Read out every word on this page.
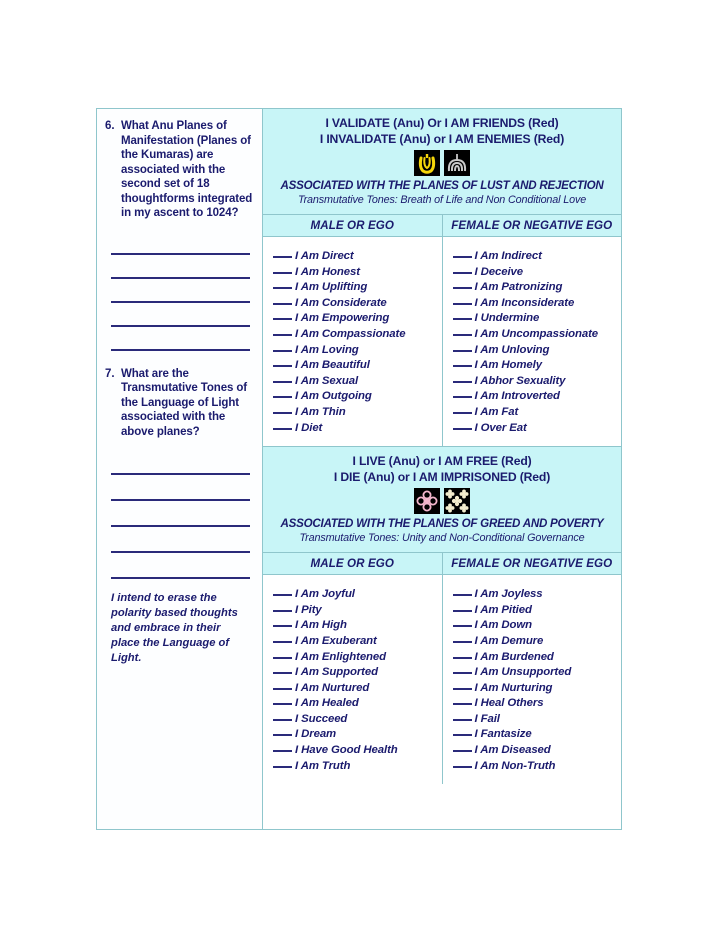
6. What Anu Planes of Manifestation (Planes of the Kumaras) are associated with the second set of 18 thoughtforms integrated in my ascent to 1024?
7. What are the Transmutative Tones of the Language of Light associated with the above planes?
I intend to erase the polarity based thoughts and embrace in their place the Language of Light.
I VALIDATE (Anu) Or I AM FRIENDS (Red)
I INVALIDATE (Anu) or I AM ENEMIES (Red)
ASSOCIATED WITH THE PLANES OF LUST AND REJECTION
Transmutative Tones: Breath of Life and Non Conditional Love
MALE OR EGO	FEMALE OR NEGATIVE EGO
I Am Direct
I Am Honest
I Am Uplifting
I Am Considerate
I Am Empowering
I Am Compassionate
I Am Loving
I Am Beautiful
I Am Sexual
I Am Outgoing
I Am Thin
I Diet
I Am Indirect
I Deceive
I Am Patronizing
I Am Inconsiderate
I Undermine
I Am Uncompassionate
I Am Unloving
I Am Homely
I Abhor Sexuality
I Am Introverted
I Am Fat
I Over Eat
I LIVE (Anu) or I AM FREE (Red)
I DIE (Anu) or I AM IMPRISONED (Red)
ASSOCIATED WITH THE PLANES OF GREED AND POVERTY
Transmutative Tones: Unity and Non-Conditional Governance
MALE OR EGO	FEMALE OR NEGATIVE EGO
I Am Joyful
I Pity
I Am High
I Am Exuberant
I Am Enlightened
I Am Supported
I Am Nurtured
I Am Healed
I Succeed
I Dream
I Have Good Health
I Am Truth
I Am Joyless
I Am Pitied
I Am Down
I Am Demure
I Am Burdened
I Am Unsupported
I Am Nurturing
I Heal Others
I Fail
I Fantasize
I Am Diseased
I Am Non-Truth
